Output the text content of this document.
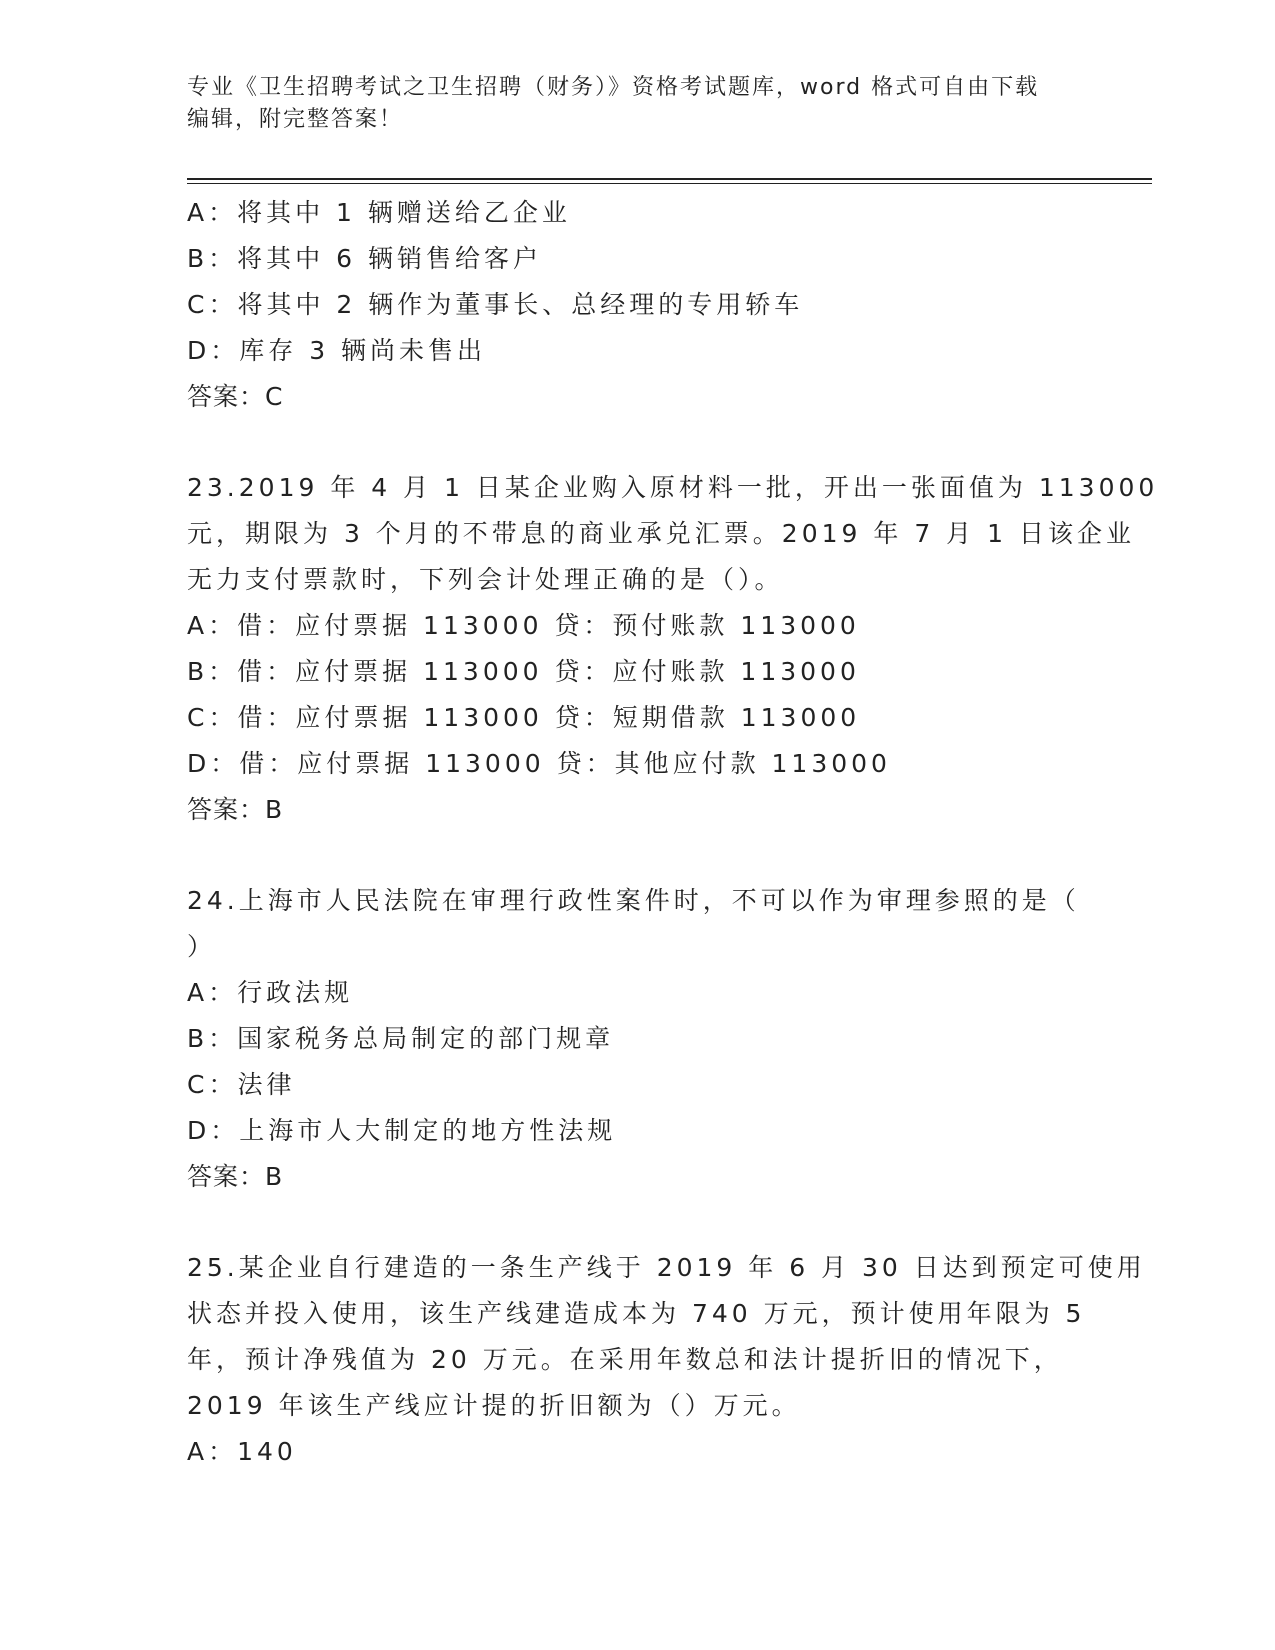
专业《卫生招聘考试之卫生招聘（财务）》资格考试题库，word 格式可自由下载
编辑，附完整答案！
A：将其中 1 辆赠送给乙企业
B：将其中 6 辆销售给客户
C：将其中 2 辆作为董事长、总经理的专用轿车
D：库存 3 辆尚未售出
答案：C
23.2019 年 4 月 1 日某企业购入原材料一批，开出一张面值为 113000
元，期限为 3 个月的不带息的商业承兑汇票。2019 年 7 月 1 日该企业
无力支付票款时，下列会计处理正确的是（）。
A：借：应付票据 113000 贷：预付账款 113000
B：借：应付票据 113000 贷：应付账款 113000
C：借：应付票据 113000 贷：短期借款 113000
D：借：应付票据 113000 贷：其他应付款 113000
答案：B
24.上海市人民法院在审理行政性案件时，不可以作为审理参照的是（
）
A：行政法规
B：国家税务总局制定的部门规章
C：法律
D：上海市人大制定的地方性法规
答案：B
25.某企业自行建造的一条生产线于 2019 年 6 月 30 日达到预定可使用
状态并投入使用，该生产线建造成本为 740 万元，预计使用年限为 5
年，预计净残值为 20 万元。在采用年数总和法计提折旧的情况下，
2019 年该生产线应计提的折旧额为（）万元。
A：140
